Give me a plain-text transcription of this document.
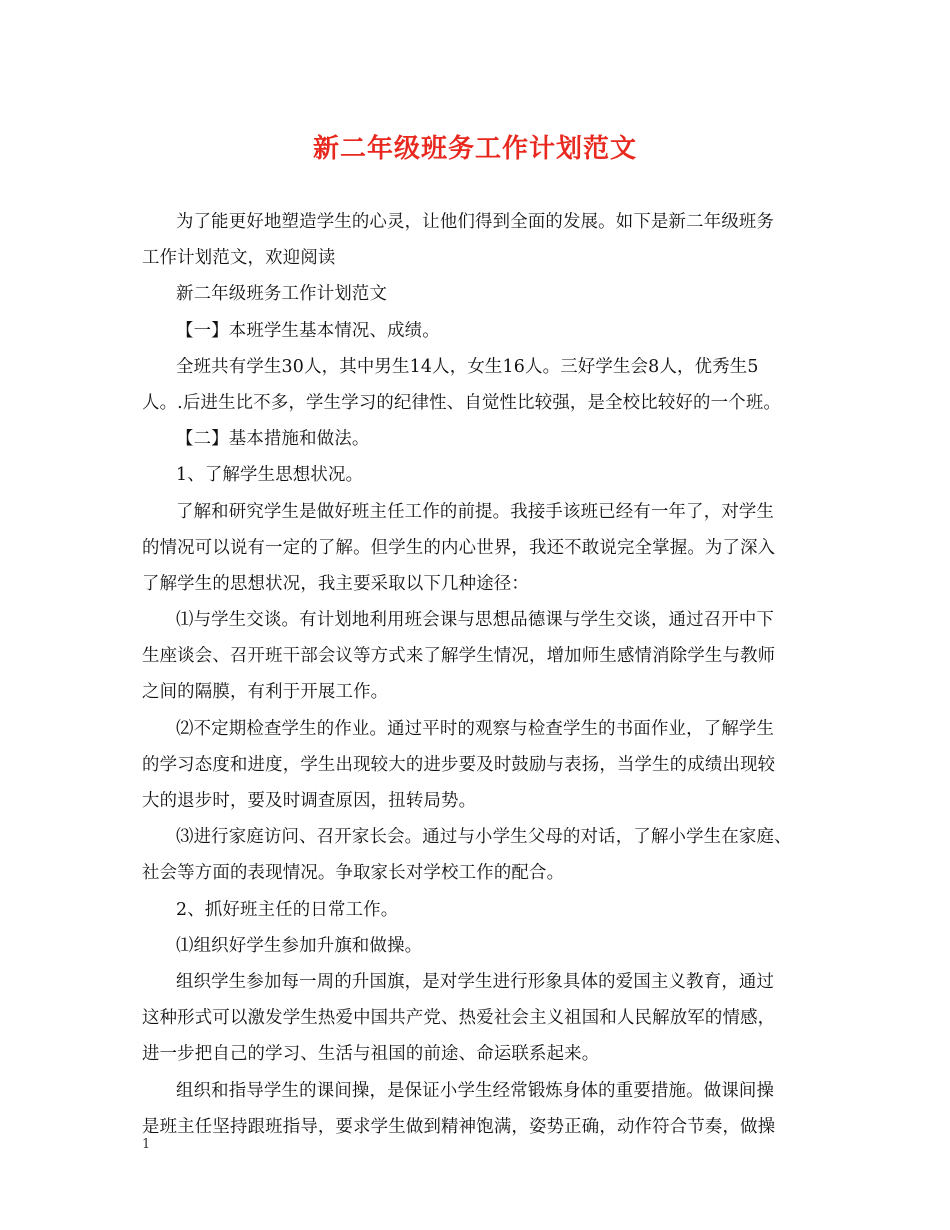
新二年级班务工作计划范文
为了能更好地塑造学生的心灵，让他们得到全面的发展。如下是新二年级班务
工作计划范文，欢迎阅读
新二年级班务工作计划范文
【一】本班学生基本情况、成绩。
全班共有学生30人，其中男生14人，女生16人。三好学生会8人，优秀生5
人。.后进生比不多，学生学习的纪律性、自觉性比较强，是全校比较好的一个班。
【二】基本措施和做法。
1、了解学生思想状况。
了解和研究学生是做好班主任工作的前提。我接手该班已经有一年了，对学生
的情况可以说有一定的了解。但学生的内心世界，我还不敢说完全掌握。为了深入
了解学生的思想状况，我主要采取以下几种途径：
⑴与学生交谈。有计划地利用班会课与思想品德课与学生交谈，通过召开中下
生座谈会、召开班干部会议等方式来了解学生情况，增加师生感情消除学生与教师
之间的隔膜，有利于开展工作。
⑵不定期检查学生的作业。通过平时的观察与检查学生的书面作业，了解学生
的学习态度和进度，学生出现较大的进步要及时鼓励与表扬，当学生的成绩出现较
大的退步时，要及时调查原因，扭转局势。
⑶进行家庭访问、召开家长会。通过与小学生父母的对话，了解小学生在家庭、
社会等方面的表现情况。争取家长对学校工作的配合。
2、抓好班主任的日常工作。
⑴组织好学生参加升旗和做操。
组织学生参加每一周的升国旗，是对学生进行形象具体的爱国主义教育，通过
这种形式可以激发学生热爱中国共产党、热爱社会主义祖国和人民解放军的情感，
进一步把自己的学习、生活与祖国的前途、命运联系起来。
组织和指导学生的课间操，是保证小学生经常锻炼身体的重要措施。做课间操
是班主任坚持跟班指导，要求学生做到精神饱满，姿势正确，动作符合节奏，做操
1
